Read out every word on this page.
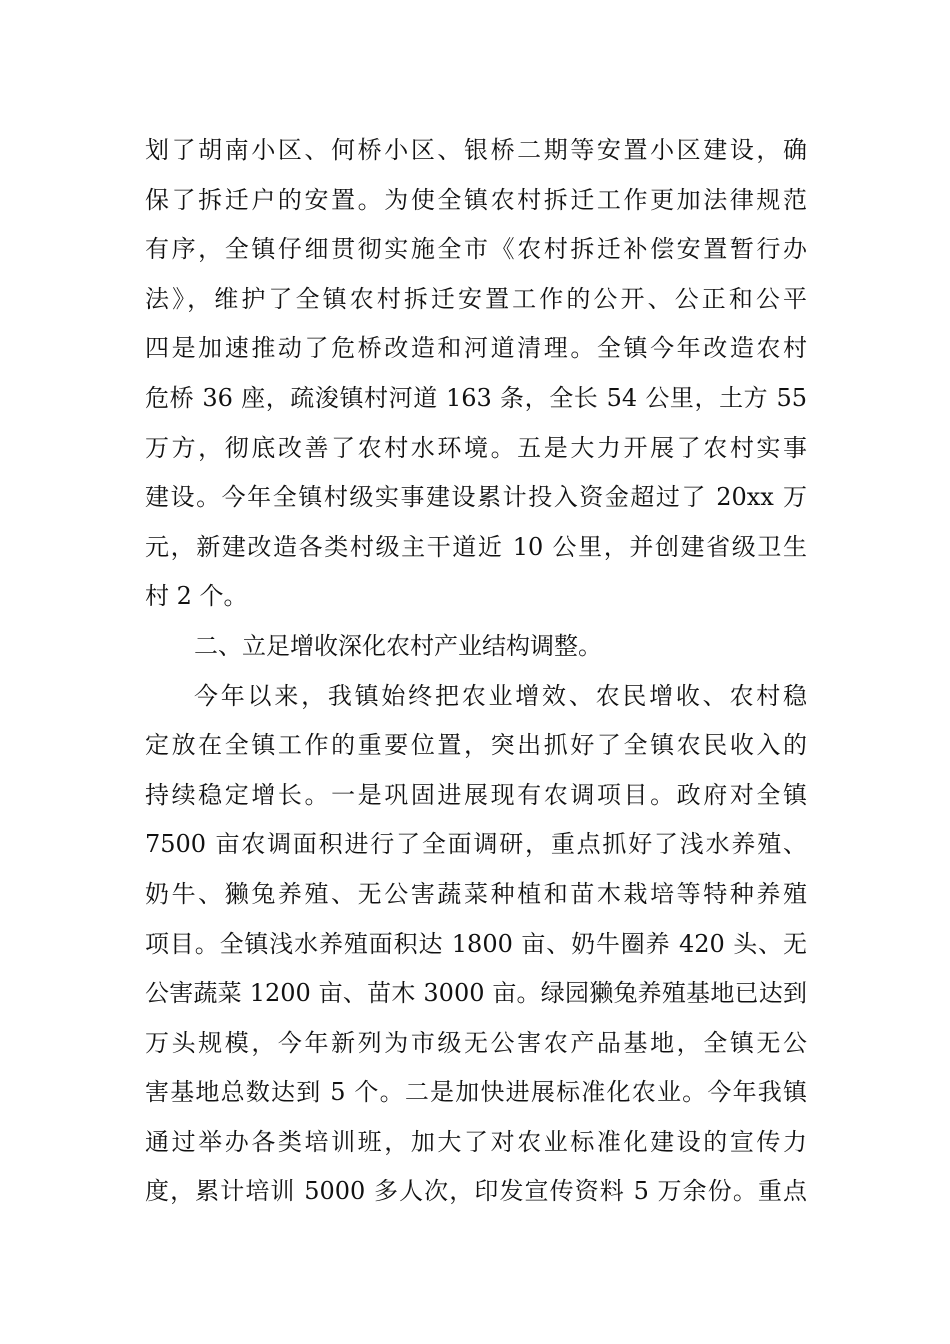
划了胡南小区、何桥小区、银桥二期等安置小区建设，确
保了拆迁户的安置。为使全镇农村拆迁工作更加法律规范
有序，全镇仔细贯彻实施全市《农村拆迁补偿安置暂行办
法》，维护了全镇农村拆迁安置工作的公开、公正和公平
四是加速推动了危桥改造和河道清理。全镇今年改造农村
危桥 36 座，疏浚镇村河道 163 条，全长 54 公里，土方 55
万方，彻底改善了农村水环境。五是大力开展了农村实事
建设。今年全镇村级实事建设累计投入资金超过了 20xx 万
元，新建改造各类村级主干道近 10 公里，并创建省级卫生
村 2 个。
二、立足增收深化农村产业结构调整。
今年以来，我镇始终把农业增效、农民增收、农村稳
定放在全镇工作的重要位置，突出抓好了全镇农民收入的
持续稳定增长。一是巩固进展现有农调项目。政府对全镇
7500 亩农调面积进行了全面调研，重点抓好了浅水养殖、
奶牛、獭兔养殖、无公害蔬菜种植和苗木栽培等特种养殖
项目。全镇浅水养殖面积达 1800 亩、奶牛圈养 420 头、无
公害蔬菜 1200 亩、苗木 3000 亩。绿园獭兔养殖基地已达到
万头规模，今年新列为市级无公害农产品基地，全镇无公
害基地总数达到 5 个。二是加快进展标准化农业。今年我镇
通过举办各类培训班，加大了对农业标准化建设的宣传力
度，累计培训 5000 多人次，印发宣传资料 5 万余份。重点
